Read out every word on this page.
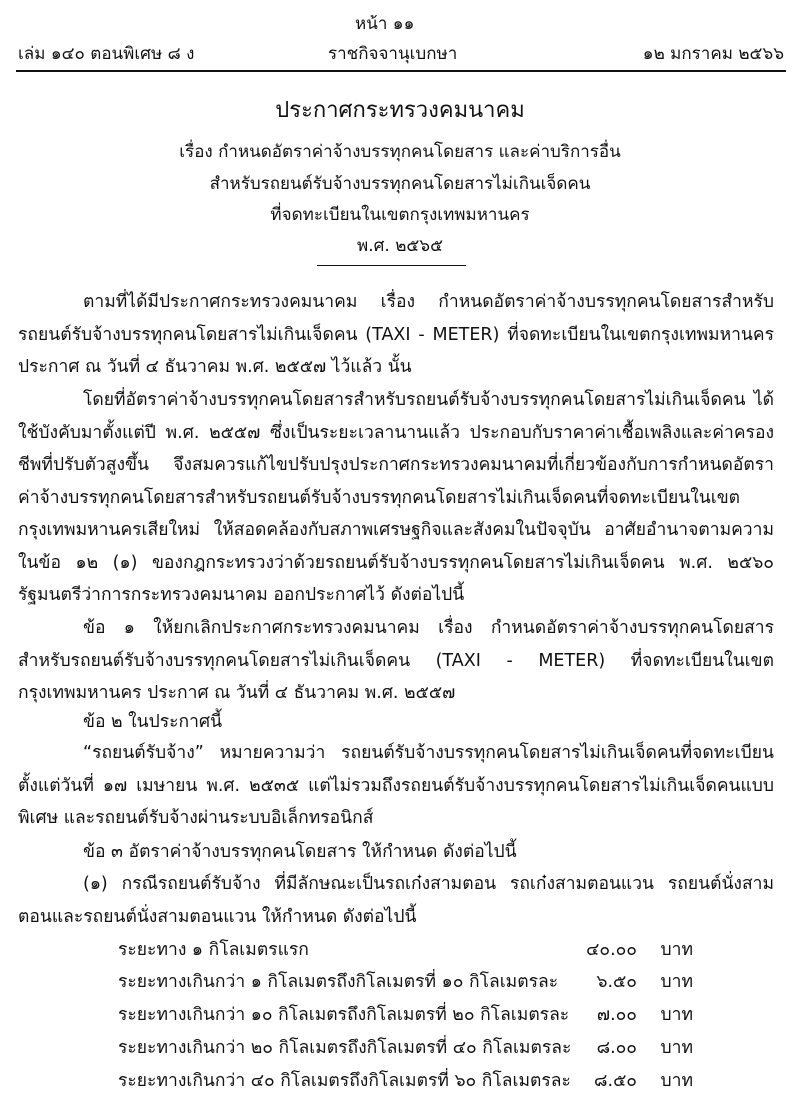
หน้า ๑๑
เล่ม ๑๔๐ ตอนพิเศษ ๘ ง	ราชกิจจานุเบกษา	๑๒ มกราคม ๒๕๖๖
ประกาศกระทรวงคมนาคม
เรื่อง กำหนดอัตราค่าจ้างบรรทุกคนโดยสาร และค่าบริการอื่น
สำหรับรถยนต์รับจ้างบรรทุกคนโดยสารไม่เกินเจ็ดคน
ที่จดทะเบียนในเขตกรุงเทพมหานคร
พ.ศ. ๒๕๖๕

ตามที่ได้มีประกาศกระทรวงคมนาคม เรื่อง กำหนดอัตราค่าจ้างบรรทุกคนโดยสารสำหรับรถยนต์รับจ้างบรรทุกคนโดยสารไม่เกินเจ็ดคน (TAXI - METER) ที่จดทะเบียนในเขตกรุงเทพมหานคร ประกาศ ณ วันที่ ๔ ธันวาคม พ.ศ. ๒๕๕๗ ไว้แล้ว นั้น

โดยที่อัตราค่าจ้างบรรทุกคนโดยสารสำหรับรถยนต์รับจ้างบรรทุกคนโดยสารไม่เกินเจ็ดคน ได้ใช้บังคับมาตั้งแต่ปี พ.ศ. ๒๕๕๗ ซึ่งเป็นระยะเวลานานแล้ว ประกอบกับราคาค่าเชื้อเพลิงและค่าครองชีพที่ปรับตัวสูงขึ้น จึงสมควรแก้ไขปรับปรุงประกาศกระทรวงคมนาคมที่เกี่ยวข้องกับการกำหนดอัตราค่าจ้างบรรทุกคนโดยสารสำหรับรถยนต์รับจ้างบรรทุกคนโดยสารไม่เกินเจ็ดคนที่จดทะเบียนในเขตกรุงเทพมหานครเสียใหม่ ให้สอดคล้องกับสภาพเศรษฐกิจและสังคมในปัจจุบัน อาศัยอำนาจตามความในข้อ ๑๒ (๑) ของกฎกระทรวงว่าด้วยรถยนต์รับจ้างบรรทุกคนโดยสารไม่เกินเจ็ดคน พ.ศ. ๒๕๖๐ รัฐมนตรีว่าการกระทรวงคมนาคม ออกประกาศไว้ ดังต่อไปนี้

ข้อ ๑ ให้ยกเลิกประกาศกระทรวงคมนาคม เรื่อง กำหนดอัตราค่าจ้างบรรทุกคนโดยสารสำหรับรถยนต์รับจ้างบรรทุกคนโดยสารไม่เกินเจ็ดคน (TAXI - METER) ที่จดทะเบียนในเขตกรุงเทพมหานคร ประกาศ ณ วันที่ ๔ ธันวาคม พ.ศ. ๒๕๕๗

ข้อ ๒ ในประกาศนี้

“รถยนต์รับจ้าง” หมายความว่า รถยนต์รับจ้างบรรทุกคนโดยสารไม่เกินเจ็ดคนที่จดทะเบียนตั้งแต่วันที่ ๑๗ เมษายน พ.ศ. ๒๕๓๕ แต่ไม่รวมถึงรถยนต์รับจ้างบรรทุกคนโดยสารไม่เกินเจ็ดคนแบบพิเศษ และรถยนต์รับจ้างผ่านระบบอิเล็กทรอนิกส์

ข้อ ๓ อัตราค่าจ้างบรรทุกคนโดยสาร ให้กำหนด ดังต่อไปนี้

(๑) กรณีรถยนต์รับจ้าง ที่มีลักษณะเป็นรถเก๋งสามตอน รถเก๋งสามตอนแวน รถยนต์นั่งสามตอนและรถยนต์นั่งสามตอนแวน ให้กำหนด ดังต่อไปนี้

ระยะทาง ๑ กิโลเมตรแรก	๔๐.๐๐ บาท
ระยะทางเกินกว่า ๑ กิโลเมตรถึงกิโลเมตรที่ ๑๐ กิโลเมตรละ ๖.๕๐ บาท
ระยะทางเกินกว่า ๑๐ กิโลเมตรถึงกิโลเมตรที่ ๒๐ กิโลเมตรละ ๗.๐๐ บาท
ระยะทางเกินกว่า ๒๐ กิโลเมตรถึงกิโลเมตรที่ ๔๐ กิโลเมตรละ ๘.๐๐ บาท
ระยะทางเกินกว่า ๔๐ กิโลเมตรถึงกิโลเมตรที่ ๖๐ กิโลเมตรละ ๘.๕๐ บาท
